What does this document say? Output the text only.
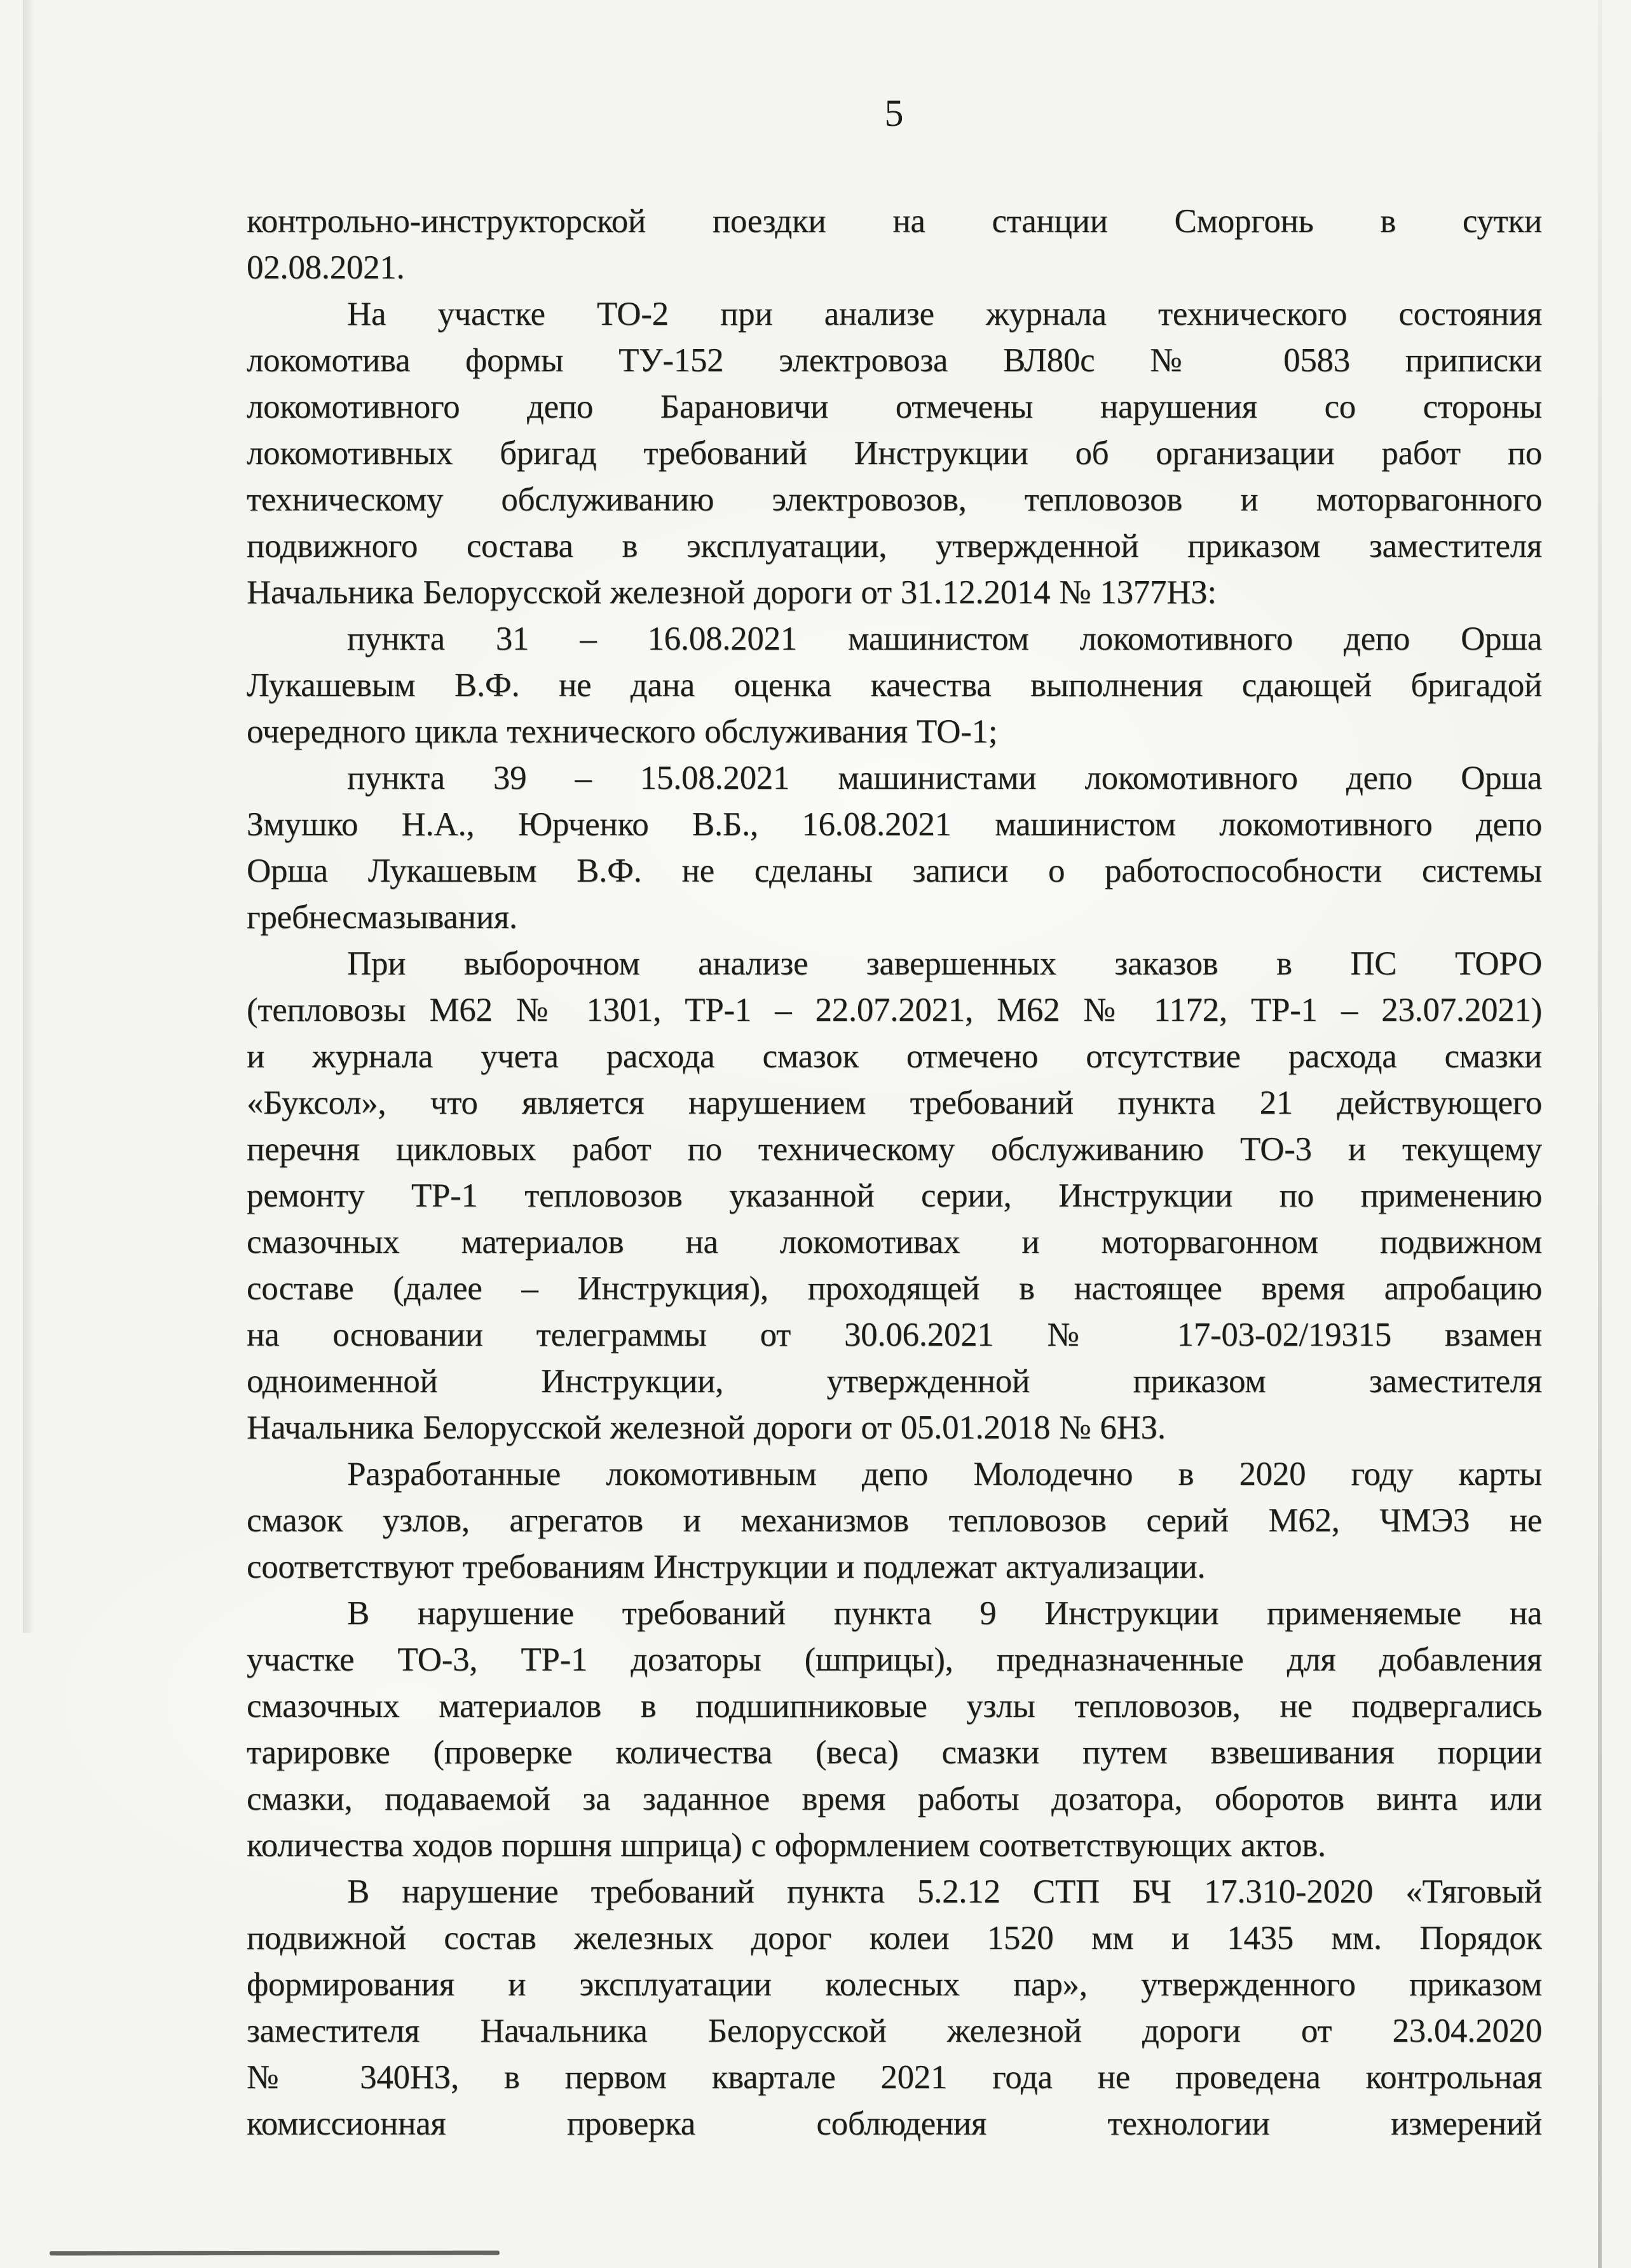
5
контрольно-инструкторской поездки на станции Сморгонь в сутки
02.08.2021.
На участке ТО-2 при анализе журнала технического состояния
локомотива формы ТУ-152 электровоза ВЛ80с № 0583 приписки
локомотивного депо Барановичи отмечены нарушения со стороны
локомотивных бригад требований Инструкции об организации работ по
техническому обслуживанию электровозов, тепловозов и моторвагонного
подвижного состава в эксплуатации, утвержденной приказом заместителя
Начальника Белорусской железной дороги от 31.12.2014 № 1377НЗ:
пункта 31 – 16.08.2021 машинистом локомотивного депо Орша
Лукашевым В.Ф. не дана оценка качества выполнения сдающей бригадой
очередного цикла технического обслуживания ТО-1;
пункта 39 – 15.08.2021 машинистами локомотивного депо Орша
Змушко Н.А., Юрченко В.Б., 16.08.2021 машинистом локомотивного депо
Орша Лукашевым В.Ф. не сделаны записи о работоспособности системы
гребнесмазывания.
При выборочном анализе завершенных заказов в ПС ТОРО
(тепловозы М62 № 1301, ТР-1 – 22.07.2021, М62 № 1172, ТР-1 – 23.07.2021)
и журнала учета расхода смазок отмечено отсутствие расхода смазки
«Буксол», что является нарушением требований пункта 21 действующего
перечня цикловых работ по техническому обслуживанию ТО-3 и текущему
ремонту ТР-1 тепловозов указанной серии, Инструкции по применению
смазочных материалов на локомотивах и моторвагонном подвижном
составе (далее – Инструкция), проходящей в настоящее время апробацию
на основании телеграммы от 30.06.2021 № 17-03-02/19315 взамен
одноименной Инструкции, утвержденной приказом заместителя
Начальника Белорусской железной дороги от 05.01.2018 № 6НЗ.
Разработанные локомотивным депо Молодечно в 2020 году карты
смазок узлов, агрегатов и механизмов тепловозов серий М62, ЧМЭ3 не
соответствуют требованиям Инструкции и подлежат актуализации.
В нарушение требований пункта 9 Инструкции применяемые на
участке ТО-3, ТР-1 дозаторы (шприцы), предназначенные для добавления
смазочных материалов в подшипниковые узлы тепловозов, не подвергались
тарировке (проверке количества (веса) смазки путем взвешивания порции
смазки, подаваемой за заданное время работы дозатора, оборотов винта или
количества ходов поршня шприца) с оформлением соответствующих актов.
В нарушение требований пункта 5.2.12 СТП БЧ 17.310-2020 «Тяговый
подвижной состав железных дорог колеи 1520 мм и 1435 мм. Порядок
формирования и эксплуатации колесных пар», утвержденного приказом
заместителя Начальника Белорусской железной дороги от 23.04.2020
№ 340НЗ, в первом квартале 2021 года не проведена контрольная
комиссионная проверка соблюдения технологии измерений
